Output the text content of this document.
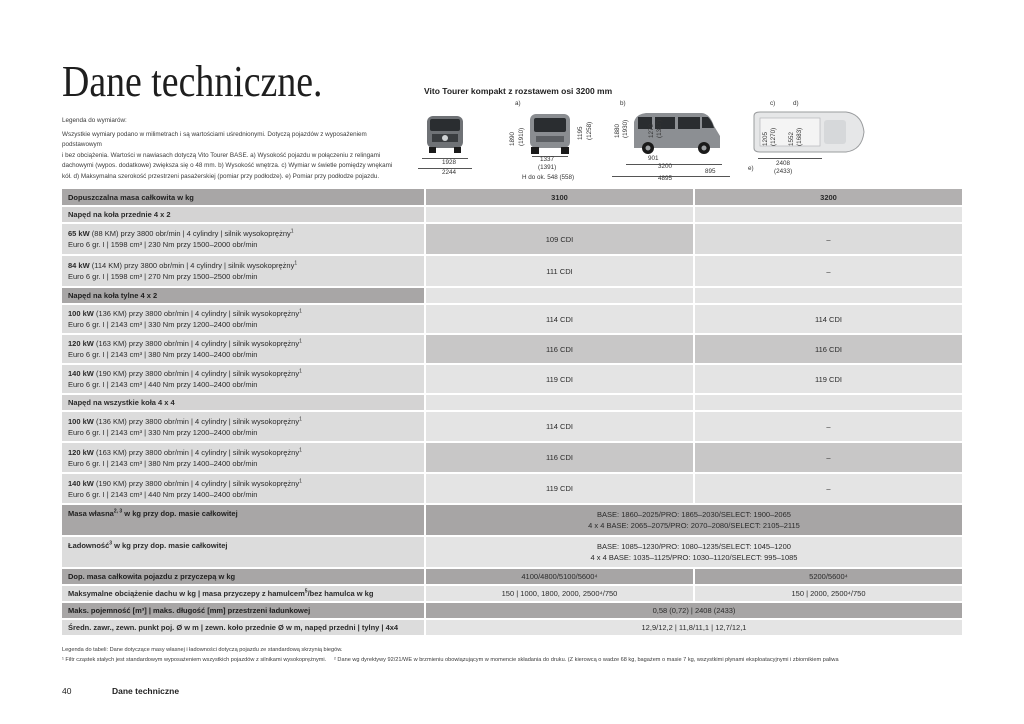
Dane techniczne.
Legenda do wymiarów:
Wszystkie wymiary podano w milimetrach i są wartościami uśrednionymi. Dotyczą pojazdów z wyposażeniem podstawowym
i bez obciążenia. Wartości w nawiasach dotyczą Vito Tourer BASE. a) Wysokość pojazdu w połączeniu z relingami
dachowymi (wypos. dodatkowe) zwiększa się o 48 mm. b) Wysokość wnętrza. c) Wymiar w świetle pomiędzy wnękami
kół. d) Maksymalna szerokość przestrzeni pasażerskiej (pomiar przy podłodze). e) Pomiar przy podłodze pojazdu.
Vito Tourer kompakt z rozstawem osi 3200 mm
1928
2244
a)
1890 (1910)	1195 (1258)
1337
(1391)
H do ok. 548 (558)
b)
1880 (1930)	1270 (1327)
901
3200
895
4895
c)	d)
1205 (1270) 1552 (1683)
e)
2408
(2433)
Dopuszczalna masa całkowita w kg	3100	3200
Napęd na koła przednie 4 x 2		

65 kW (88 KM) przy 3800 obr/min | 4 cylindry | silnik wysokoprężny$^1$
Euro 6 gr. I | 1598 cm³ | 230 Nm przy 1500–2000 obr/min	109 CDI	–

84 kW (114 KM) przy 3800 obr/min | 4 cylindry | silnik wysokoprężny$^1$
Euro 6 gr. I | 1598 cm³ | 270 Nm przy 1500–2500 obr/min	111 CDI	–
Napęd na koła tylne 4 x 2		

100 kW (136 KM) przy 3800 obr/min | 4 cylindry | silnik wysokoprężny$^1$
Euro 6 gr. I | 2143 cm³ | 330 Nm przy 1200–2400 obr/min	114 CDI	114 CDI

120 kW (163 KM) przy 3800 obr/min | 4 cylindry | silnik wysokoprężny$^1$
Euro 6 gr. I | 2143 cm³ | 380 Nm przy 1400–2400 obr/min	116 CDI	116 CDI

140 kW (190 KM) przy 3800 obr/min | 4 cylindry | silnik wysokoprężny$^1$
Euro 6 gr. I | 2143 cm³ | 440 Nm przy 1400–2400 obr/min	119 CDI	119 CDI
Napęd na wszystkie koła 4 x 4		

100 kW (136 KM) przy 3800 obr/min | 4 cylindry | silnik wysokoprężny$^1$
Euro 6 gr. I | 2143 cm³ | 330 Nm przy 1200–2400 obr/min	114 CDI	–

120 kW (163 KM) przy 3800 obr/min | 4 cylindry | silnik wysokoprężny$^1$
Euro 6 gr. I | 2143 cm³ | 380 Nm przy 1400–2400 obr/min	116 CDI	–

140 kW (190 KM) przy 3800 obr/min | 4 cylindry | silnik wysokoprężny$^1$
Euro 6 gr. I | 2143 cm³ | 440 Nm przy 1400–2400 obr/min	119 CDI	–
Masa własna$^{2, 3}$ w kg przy dop. masie całkowitej	BASE: 1860–2025/PRO: 1865–2030/SELECT: 1900–2065
4 x 4 BASE: 2065–2075/PRO: 2070–2080/SELECT: 2105–2115	

Ładowność$^3$ w kg przy dop. masie całkowitej	BASE: 1085–1230/PRO: 1080–1235/SELECT: 1045–1200
4 x 4 BASE: 1035–1125/PRO: 1030–1120/SELECT: 995–1085	

Dop. masa całkowita pojazdu z przyczepą w kg	4100/4800/5100/5600⁴	5200/5600⁴
Maksymalne obciążenie dachu w kg | masa przyczepy z hamulcem$^5$/bez hamulca w kg	150 | 1000, 1800, 2000, 2500⁴/750	150 | 2000, 2500⁴/750
Maks. pojemność [m³] | maks. długość [mm] przestrzeni ładunkowej	0,58 (0,72) | 2408 (2433)	
Średn. zawr., zewn. punkt poj. Ø w m | zewn. koło przednie Ø w m, napęd przedni | tylny | 4x4	12,9/12,2 | 11,8/11,1 | 12,7/12,1	
Legenda do tabeli: Dane dotyczące masy własnej i ładowności dotyczą pojazdu ze standardową skrzynią biegów.
¹ Filtr cząstek stałych jest standardowym wyposażeniem wszystkich pojazdów z silnikami wysokoprężnymi. ² Dane wg dyrektywy 92/21/WE w brzmieniu obowiązującym w momencie składania do druku. (Z kierowcą o wadze 68 kg, bagażem o masie 7 kg, wszystkimi płynami eksploatacyjnymi i zbiornikiem paliwa
40	Dane techniczne
